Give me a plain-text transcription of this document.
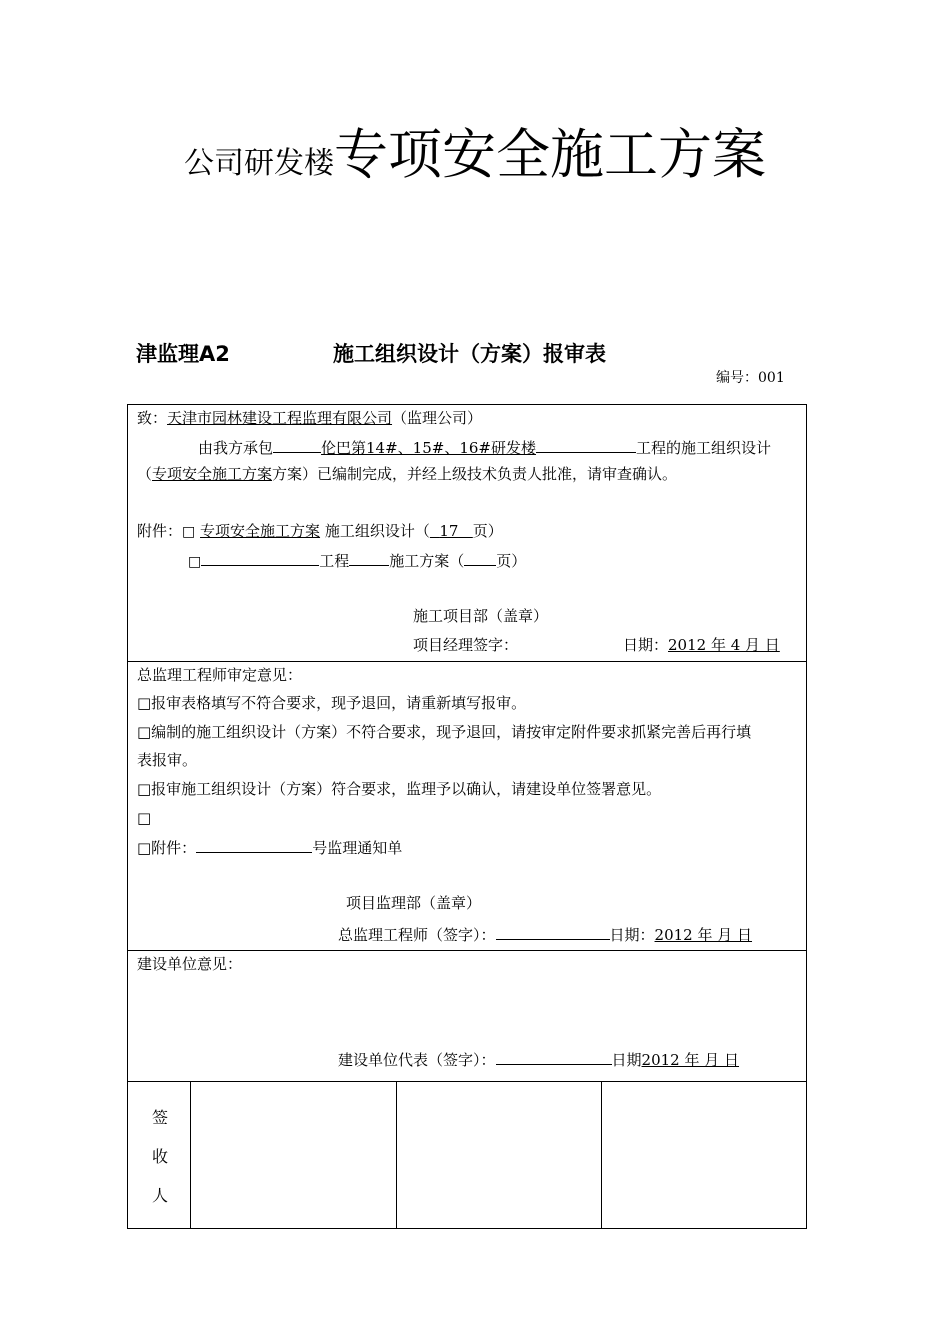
公司研发楼专项安全施工方案
津监理A2	施工组织设计（方案）报审表
编号：001
致：天津市园林建设工程监理有限公司（监理公司）
由我方承包	伦巴第14#、15#、16#研发楼	工程的施工组织设计
（专项安全施工方案方案）已编制完成，并经上级技术负责人批准，请审查确认。
附件：□ 专项安全施工方案 施工组织设计（ 17 页）
□	工程	施工方案（ 页）
施工项目部（盖章）
项目经理签字：	日期：2012 年 4 月 日
总监理工程师审定意见：
□报审表格填写不符合要求，现予退回，请重新填写报审。
□编制的施工组织设计（方案）不符合要求，现予退回，请按审定附件要求抓紧完善后再行填
表报审。
□报审施工组织设计（方案）符合要求，监理予以确认，请建设单位签署意见。
□
□附件：	号监理通知单
项目监理部（盖章）
总监理工程师（签字）：	日期：2012 年 月 日
建设单位意见：
建设单位代表（签字）：	日期2012 年 月 日
签
收
人
